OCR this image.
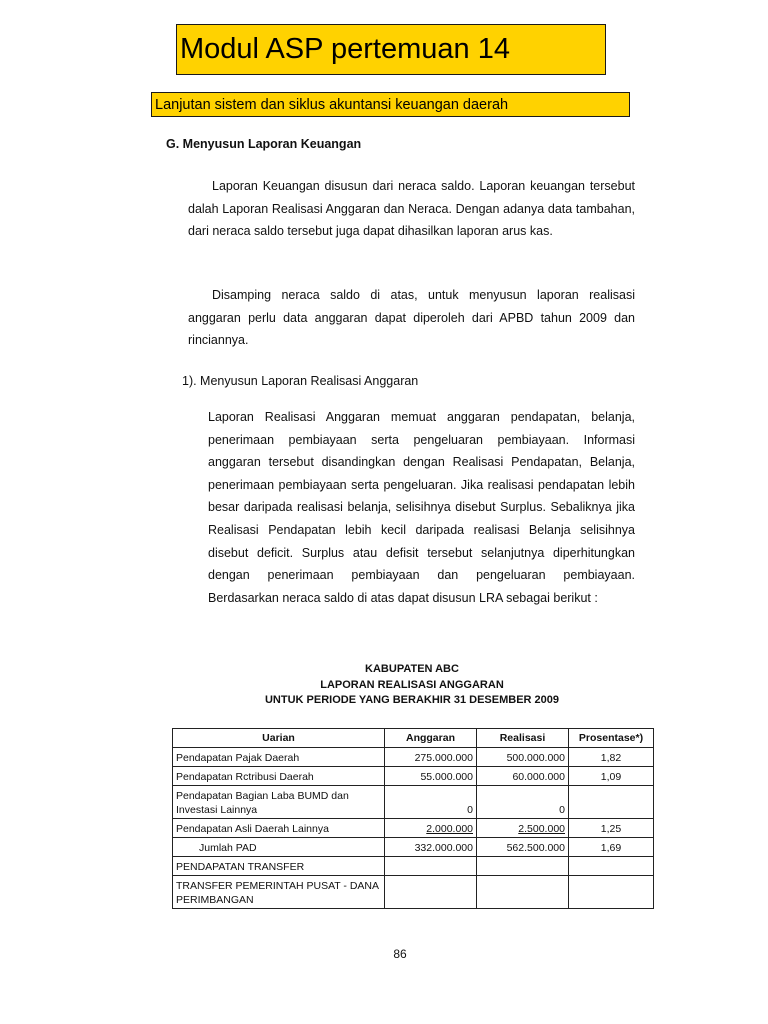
Modul ASP pertemuan 14
Lanjutan sistem dan siklus akuntansi keuangan daerah
G. Menyusun Laporan Keuangan

Laporan Keuangan disusun dari neraca saldo. Laporan keuangan tersebut dalah Laporan Realisasi Anggaran dan Neraca. Dengan adanya data tambahan, dari neraca saldo tersebut juga dapat dihasilkan laporan arus kas.

Disamping neraca saldo di atas, untuk menyusun laporan realisasi anggaran perlu data anggaran dapat diperoleh dari APBD tahun 2009 dan rinciannya.

1). Menyusun Laporan Realisasi Anggaran

Laporan Realisasi Anggaran memuat anggaran pendapatan, belanja, penerimaan pembiayaan serta pengeluaran pembiayaan. Informasi anggaran tersebut disandingkan dengan Realisasi Pendapatan, Belanja, penerimaan pembiayaan serta pengeluaran. Jika realisasi pendapatan lebih besar daripada realisasi belanja, selisihnya disebut Surplus. Sebaliknya jika Realisasi Pendapatan lebih kecil daripada realisasi Belanja selisihnya disebut deficit. Surplus atau defisit tersebut selanjutnya diperhitungkan dengan penerimaan pembiayaan dan pengeluaran pembiayaan. Berdasarkan neraca saldo di atas dapat disusun LRA sebagai berikut :

KABUPATEN ABC
LAPORAN REALISASI ANGGARAN
UNTUK PERIODE YANG BERAKHIR 31 DESEMBER 2009
Uarian	Anggaran	Realisasi	Prosentase*)
Pendapatan Pajak Daerah	275.000.000	500.000.000	1,82
Pendapatan Rctribusi Daerah	55.000.000	60.000.000	1,09
Pendapatan Bagian Laba BUMD dan Investasi Lainnya	0	0	
Pendapatan Asli Daerah Lainnya	2.000.000	2.500.000	1,25
Jumlah PAD	332.000.000	562.500.000	1,69
PENDAPATAN TRANSFER			
TRANSFER PEMERINTAH PUSAT - DANA PERIMBANGAN			
86
